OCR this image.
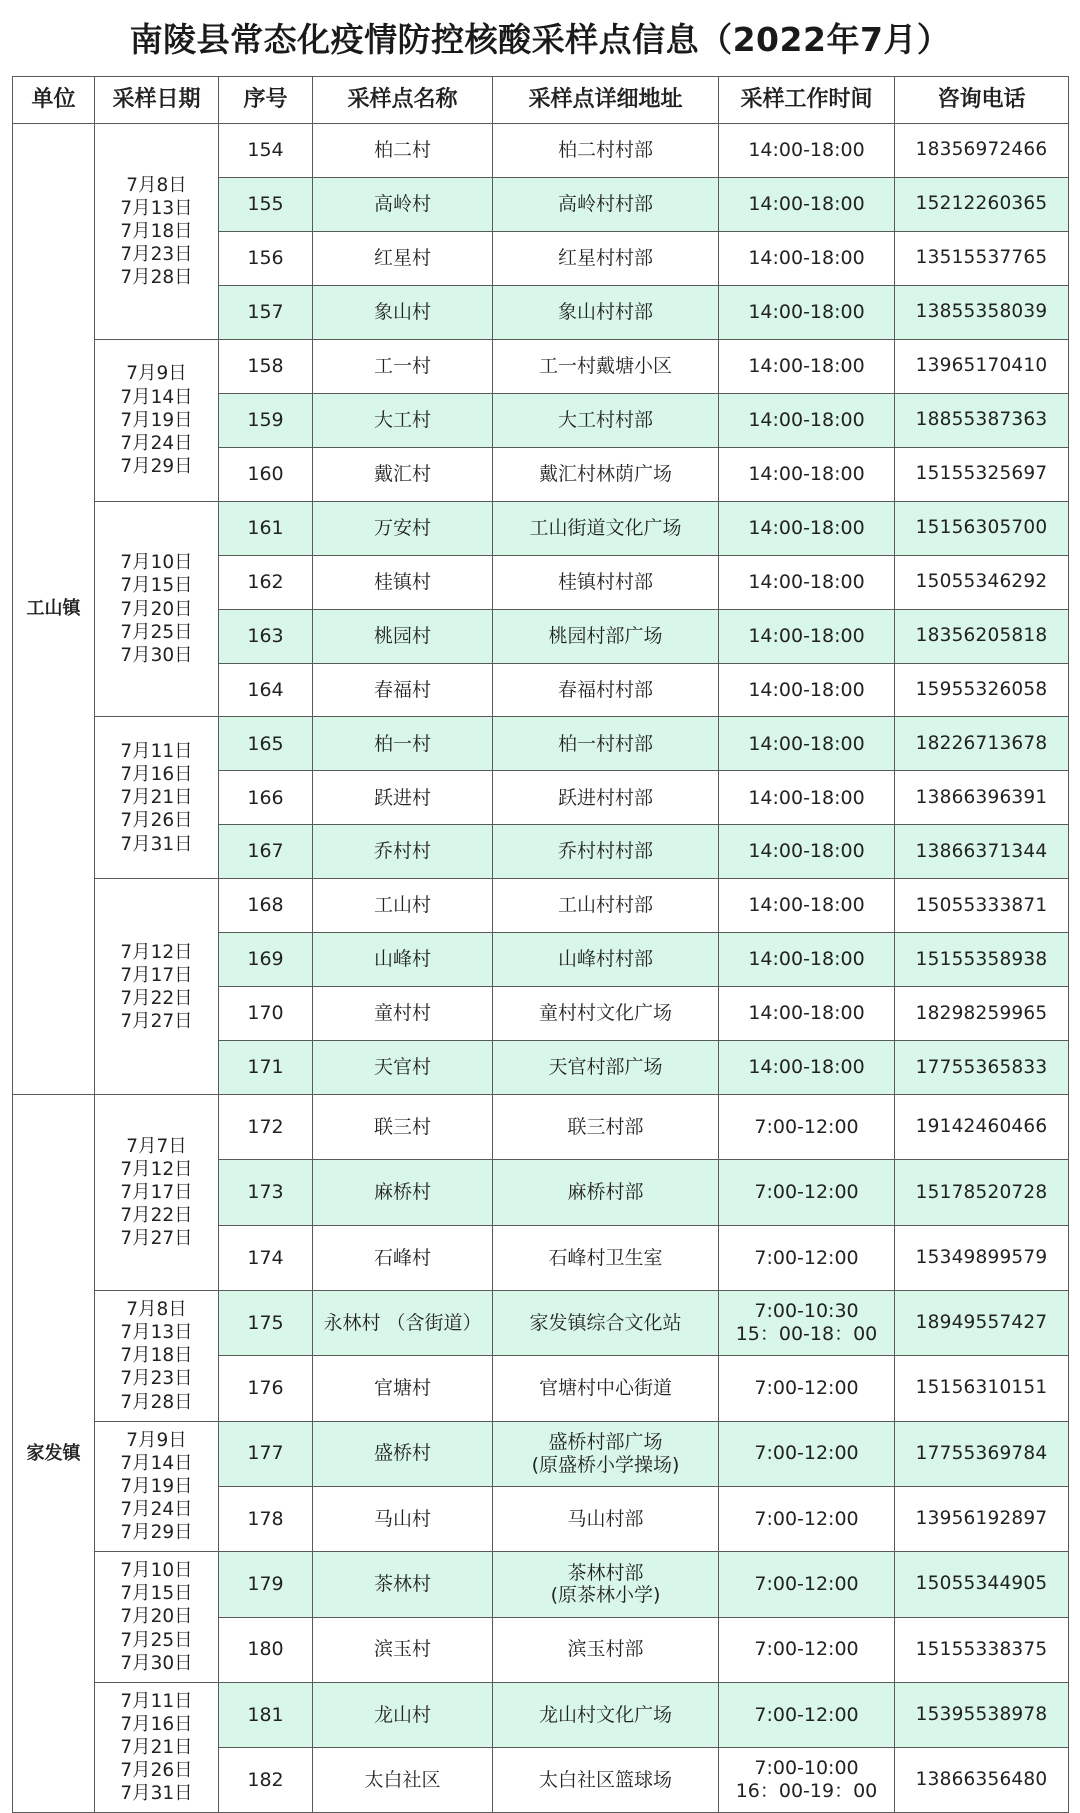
南陵县常态化疫情防控核酸采样点信息（2022年7月）
单位	采样日期	序号	采样点名称	采样点详细地址	采样工作时间	咨询电话
工山镇	7月8日
7月13日
7月18日
7月23日
7月28日	154	柏二村	柏二村村部	14:00-18:00	18356972466
		155	高岭村	高岭村村部	14:00-18:00	15212260365
		156	红星村	红星村村部	14:00-18:00	13515537765
		157	象山村	象山村村部	14:00-18:00	13855358039

	7月9日
7月14日
7月19日
7月24日
7月29日	158	工一村	工一村戴塘小区	14:00-18:00	13965170410
		159	大工村	大工村村部	14:00-18:00	18855387363
		160	戴汇村	戴汇村林荫广场	14:00-18:00	15155325697

	7月10日
7月15日
7月20日
7月25日
7月30日	161	万安村	工山街道文化广场	14:00-18:00	15156305700
		162	桂镇村	桂镇村村部	14:00-18:00	15055346292
		163	桃园村	桃园村部广场	14:00-18:00	18356205818
		164	春福村	春福村村部	14:00-18:00	15955326058

	7月11日
7月16日
7月21日
7月26日
7月31日	165	柏一村	柏一村村部	14:00-18:00	18226713678
		166	跃进村	跃进村村部	14:00-18:00	13866396391
		167	乔村村	乔村村村部	14:00-18:00	13866371344

	7月12日
7月17日
7月22日
7月27日	168	工山村	工山村村部	14:00-18:00	15055333871
		169	山峰村	山峰村村部	14:00-18:00	15155358938
		170	童村村	童村村文化广场	14:00-18:00	18298259965
		171	天官村	天官村部广场	14:00-18:00	17755365833
家发镇	7月7日
7月12日
7月17日
7月22日
7月27日	172	联三村	联三村部	7:00-12:00	19142460466
		173	麻桥村	麻桥村部	7:00-12:00	15178520728
		174	石峰村	石峰村卫生室	7:00-12:00	15349899579

	7月8日
7月13日
7月18日
7月23日
7月28日	175	永林村 （含街道）	家发镇综合文化站	7:00-10:30
15：00-18：00	18949557427
		176	官塘村	官塘村中心街道	7:00-12:00	15156310151

	7月9日
7月14日
7月19日
7月24日
7月29日	177	盛桥村	盛桥村部广场
(原盛桥小学操场)	7:00-12:00	17755369784
		178	马山村	马山村部	7:00-12:00	13956192897

	7月10日
7月15日
7月20日
7月25日
7月30日	179	茶林村	茶林村部
(原茶林小学)	7:00-12:00	15055344905
		180	滨玉村	滨玉村部	7:00-12:00	15155338375

	7月11日
7月16日
7月21日
7月26日
7月31日	181	龙山村	龙山村文化广场	7:00-12:00	15395538978
		182	太白社区	太白社区篮球场	7:00-10:00
16：00-19：00	13866356480
